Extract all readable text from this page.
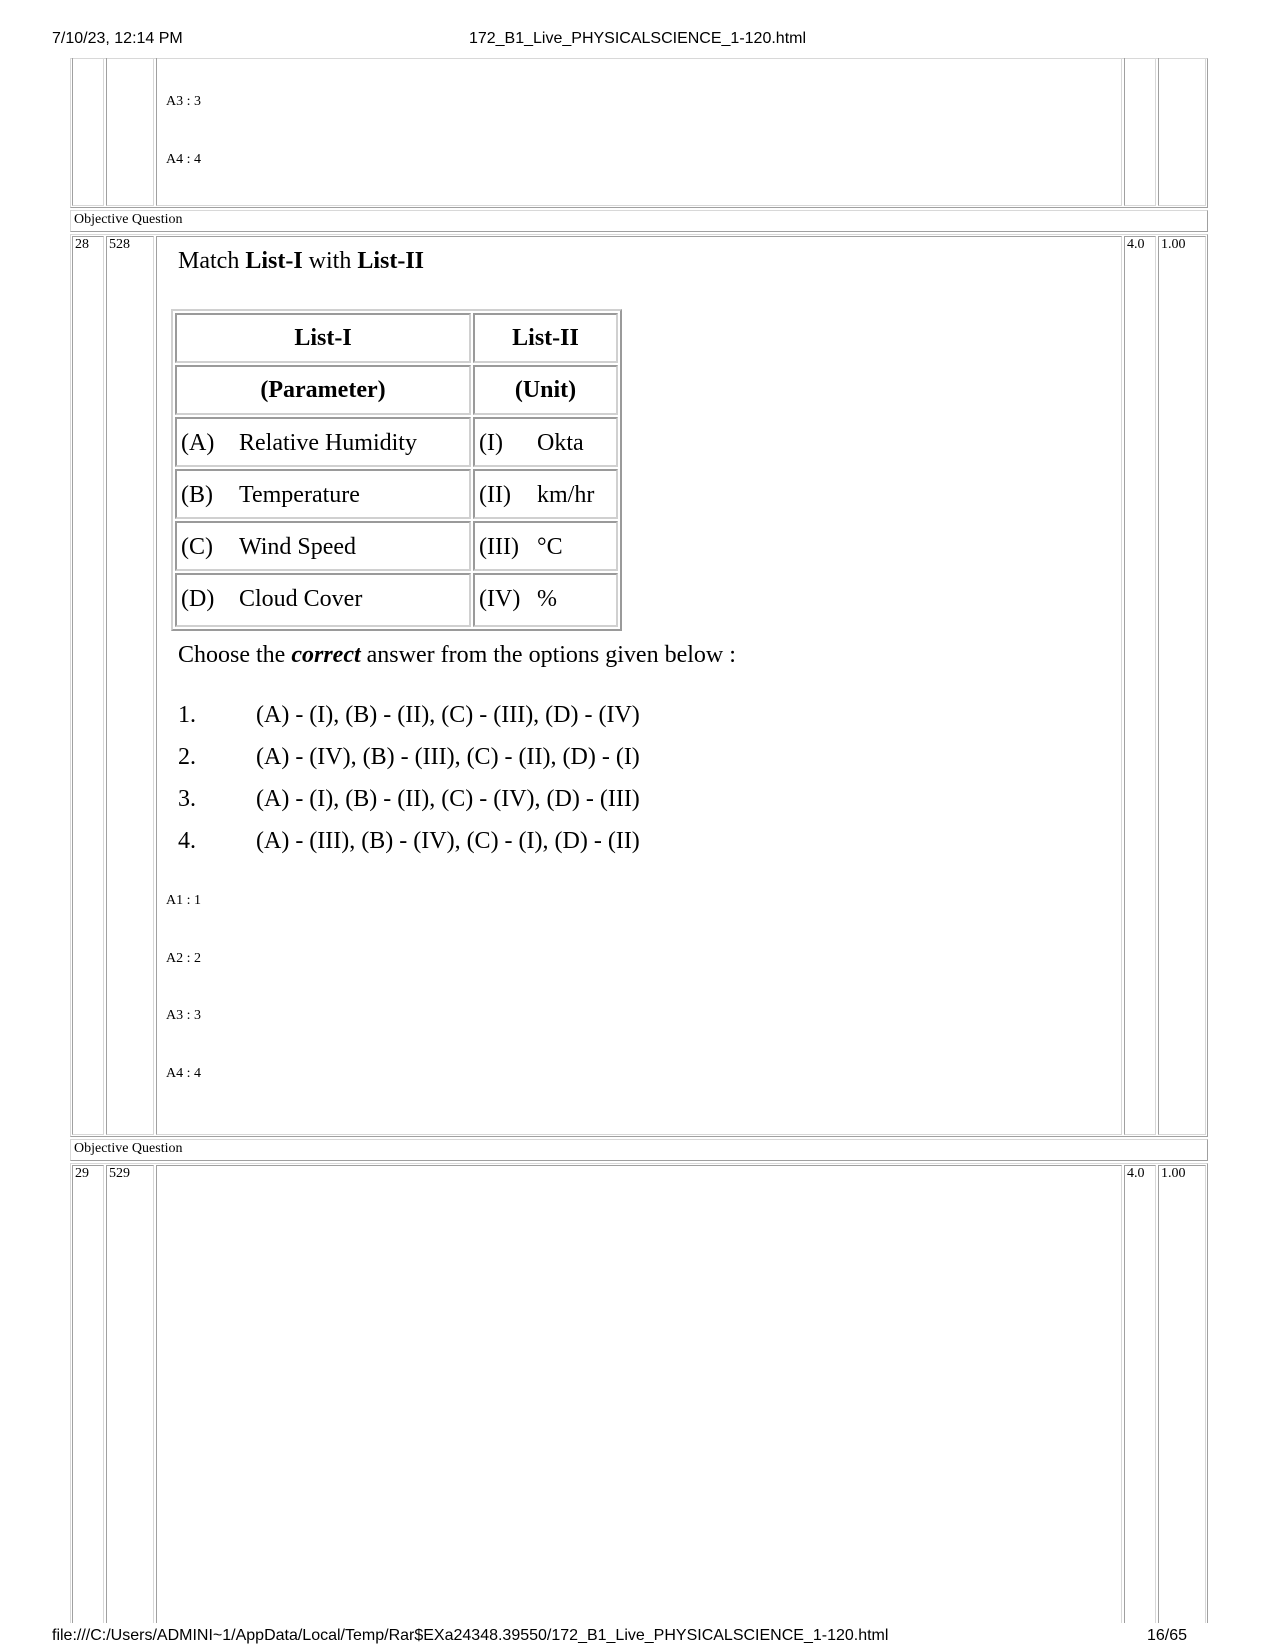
7/10/23, 12:14 PM	172_B1_Live_PHYSICALSCIENCE_1-120.html
A3 : 3
A4 : 4
Objective Question
28 528	4.0 1.00
Match List-I with List-II
List-I	List-II
(Parameter)	(Unit)
(A) Relative Humidity	(I) Okta
(B) Temperature	(II) km/hr
(C) Wind Speed	(III) °C
(D) Cloud Cover	(IV) %
Choose the correct answer from the options given below :
1.	(A) - (I), (B) - (II), (C) - (III), (D) - (IV)
2.	(A) - (IV), (B) - (III), (C) - (II), (D) - (I)
3.	(A) - (I), (B) - (II), (C) - (IV), (D) - (III)
4.	(A) - (III), (B) - (IV), (C) - (I), (D) - (II)
A1 : 1
A2 : 2
A3 : 3
A4 : 4
Objective Question
29 529	4.0 1.00
file:///C:/Users/ADMINI~1/AppData/Local/Temp/Rar$EXa24348.39550/172_B1_Live_PHYSICALSCIENCE_1-120.html	16/65
